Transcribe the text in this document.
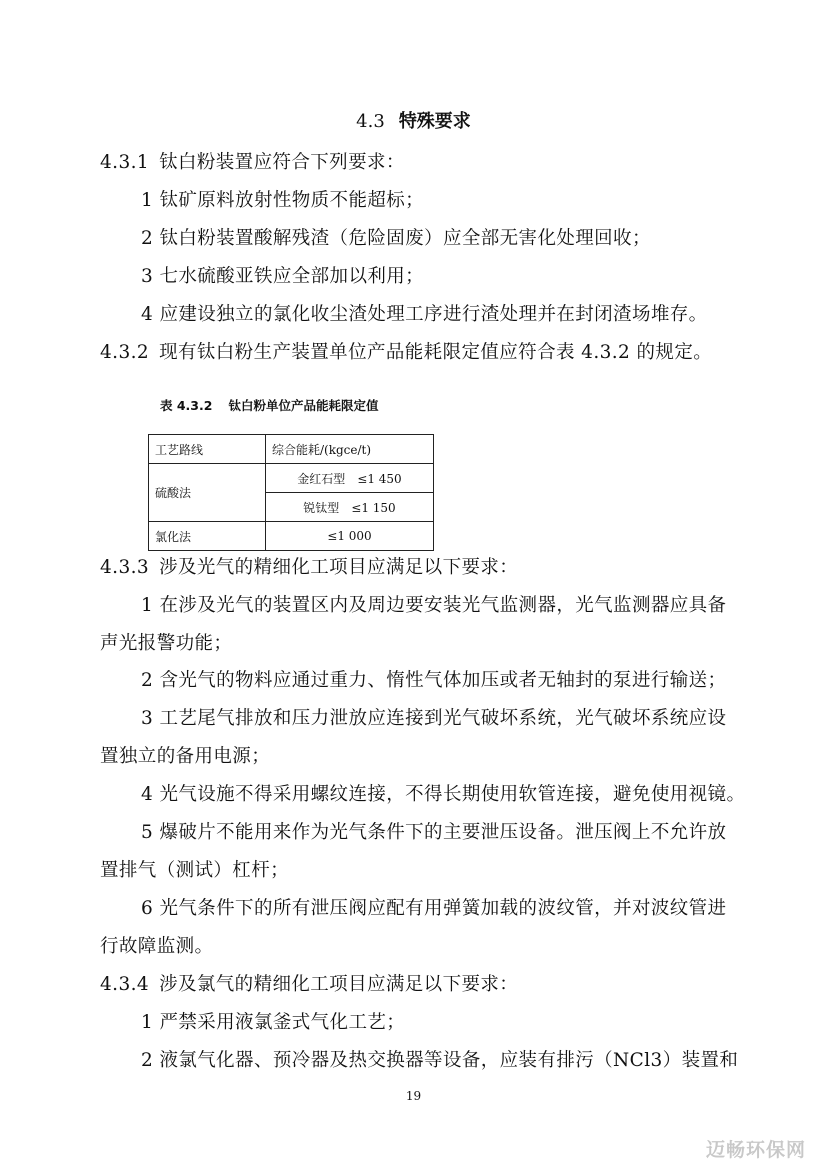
4.3 特殊要求
4.3.1 钛白粉装置应符合下列要求：
1 钛矿原料放射性物质不能超标；
2 钛白粉装置酸解残渣（危险固废）应全部无害化处理回收；
3 七水硫酸亚铁应全部加以利用；
4 应建设独立的氯化收尘渣处理工序进行渣处理并在封闭渣场堆存。
4.3.2 现有钛白粉生产装置单位产品能耗限定值应符合表 4.3.2 的规定。
表 4.3.2 钛白粉单位产品能耗限定值
工艺路线	综合能耗/(kgce/t)
硫酸法	金红石型　≤1 450
	锐钛型　≤1 150
氯化法	≤1 000
4.3.3 涉及光气的精细化工项目应满足以下要求：
1 在涉及光气的装置区内及周边要安装光气监测器，光气监测器应具备
声光报警功能；
2 含光气的物料应通过重力、惰性气体加压或者无轴封的泵进行输送；
3 工艺尾气排放和压力泄放应连接到光气破坏系统，光气破坏系统应设
置独立的备用电源；
4 光气设施不得采用螺纹连接，不得长期使用软管连接，避免使用视镜。
5 爆破片不能用来作为光气条件下的主要泄压设备。泄压阀上不允许放
置排气（测试）杠杆；
6 光气条件下的所有泄压阀应配有用弹簧加载的波纹管，并对波纹管进
行故障监测。
4.3.4 涉及氯气的精细化工项目应满足以下要求：
1 严禁采用液氯釜式气化工艺；
2 液氯气化器、预冷器及热交换器等设备，应装有排污（NCl3）装置和
19
迈畅环保网
